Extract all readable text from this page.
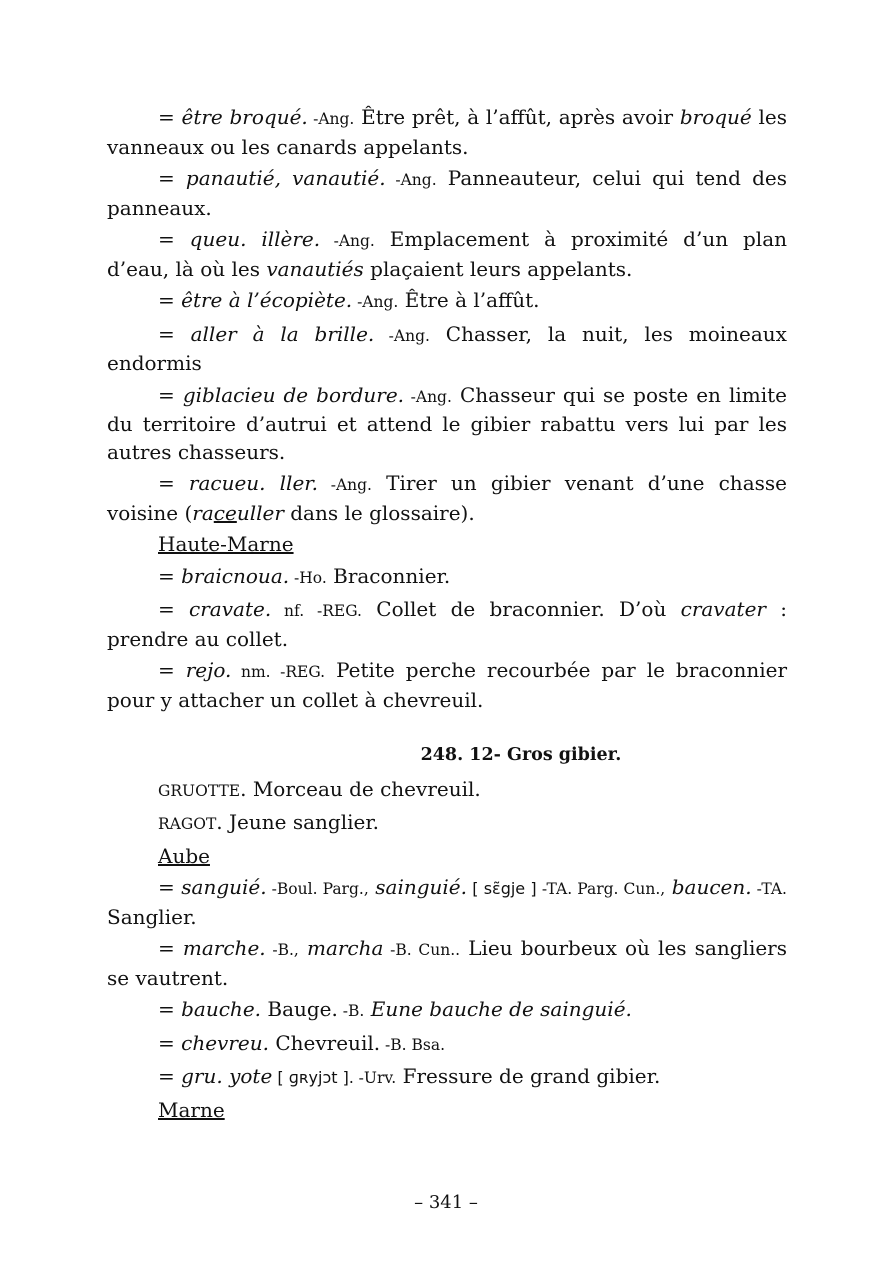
= être broqué. -Ang. Être prêt, à l’affût, après avoir broqué les vanneaux ou les canards appelants.

= panautié, vanautié. -Ang. Panneauteur, celui qui tend des panneaux.

= queu. illère. -Ang. Emplacement à proximité d’un plan d’eau, là où les vanautiés plaçaient leurs appelants.

= être à l’écopiète. -Ang. Être à l’affût.

= aller à la brille. -Ang. Chasser, la nuit, les moineaux endormis

= giblacieu de bordure. -Ang. Chasseur qui se poste en limite du territoire d’autrui et attend le gibier rabattu vers lui par les autres chasseurs.

= racueu. ller. -Ang. Tirer un gibier venant d’une chasse voisine (raceuller dans le glossaire).

Haute-Marne

= braicnoua. -Ho. Braconnier.

= cravate. nf. -REG. Collet de braconnier. D’où cravater : prendre au collet.

= rejo. nm. -REG. Petite perche recourbée par le braconnier pour y attacher un collet à chevreuil.

248. 12- Gros gibier.

GRUOTTE. Morceau de chevreuil.

RAGOT. Jeune sanglier.

Aube

= sanguié. -Boul. Parg., sainguié. [ sɛ̃gje ] -TA. Parg. Cun., baucen. -TA. Sanglier.

= marche. -B., marcha -B. Cun.. Lieu bourbeux où les sangliers se vautrent.

= bauche. Bauge. -B. Eune bauche de sainguié.

= chevreu. Chevreuil. -B. Bsa.

= gru. yote [ ɡʀyjɔt ]. -Urv. Fressure de grand gibier.

Marne
– 341 –
